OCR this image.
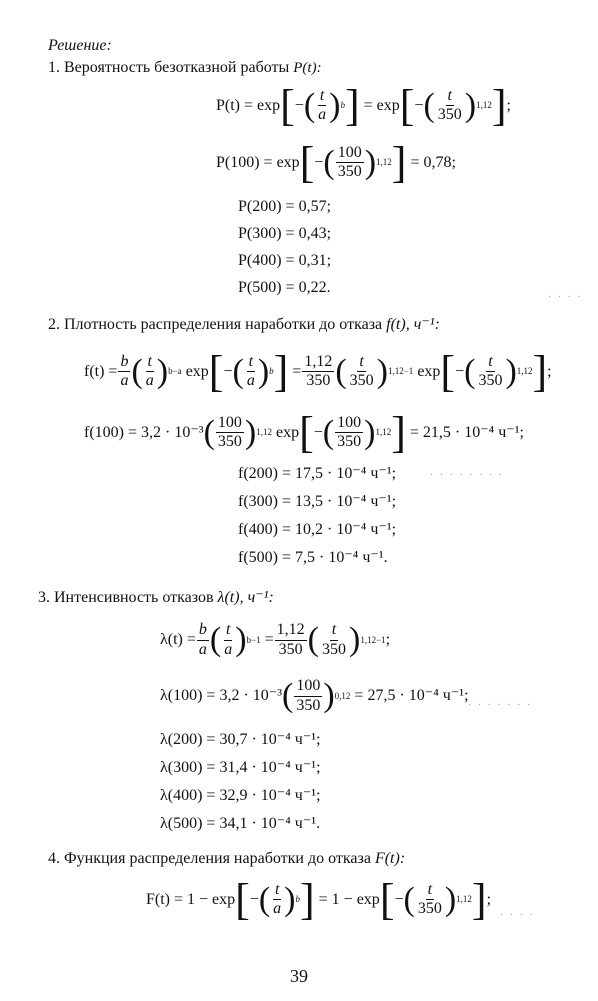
Решение:
1. Вероятность безотказной работы P(t):
P(t) = exp [ − ( $\frac{t}{a}$ ) b ]
= exp [ − ( $\frac{t}{350}$ ) 1,12 ] ;
P(100) = exp [ − ( $\frac{100}{350}$ ) 1,12 ]
= 0,78;
P(200) = 0,57;
P(300) = 0,43;
P(400) = 0,31;
P(500) = 0,22.
2. Плотность распределения наработки до отказа f(t), ч⁻¹:
$f(t) = \frac{b}{a}$ ( $\frac{t}{a}$ ) b−a
exp [ − ( $\frac{t}{a}$ ) b ]
= $\frac{1,12}{350}$ ( $\frac{t}{350}$ ) 1,12−1
exp [ − ( $\frac{t}{350}$ ) 1,12 ] ;
f(100) = 3,2 · 10⁻³ ( $\frac{100}{350}$ ) 1,12
exp [ − ( $\frac{100}{350}$ ) 1,12 ]
= 21,5 · 10⁻⁴ ч⁻¹;
f(200) = 17,5 · 10⁻⁴ ч⁻¹;
f(300) = 13,5 · 10⁻⁴ ч⁻¹;
f(400) = 10,2 · 10⁻⁴ ч⁻¹;
f(500) = 7,5 · 10⁻⁴ ч⁻¹.
3. Интенсивность отказов λ(t), ч⁻¹:
$\lambda(t) = \frac{b}{a}$ ( $\frac{t}{a}$ ) b−1
= $\frac{1,12}{350}$ ( $\frac{t}{350}$ ) 1,12−1 ;
λ(100) = 3,2 · 10⁻³ ( $\frac{100}{350}$ ) 0,12
= 27,5 · 10⁻⁴ ч⁻¹;
λ(200) = 30,7 · 10⁻⁴ ч⁻¹;
λ(300) = 31,4 · 10⁻⁴ ч⁻¹;
λ(400) = 32,9 · 10⁻⁴ ч⁻¹;
λ(500) = 34,1 · 10⁻⁴ ч⁻¹.
4. Функция распределения наработки до отказа F(t):
F(t) = 1 − exp [ − ( $\frac{t}{a}$ ) b ]
= 1 − exp [ − ( $\frac{t}{350}$ ) 1,12 ] ;
39
· · · ·
· · · · · · · ·
· · · · · · ·
· · · ·
